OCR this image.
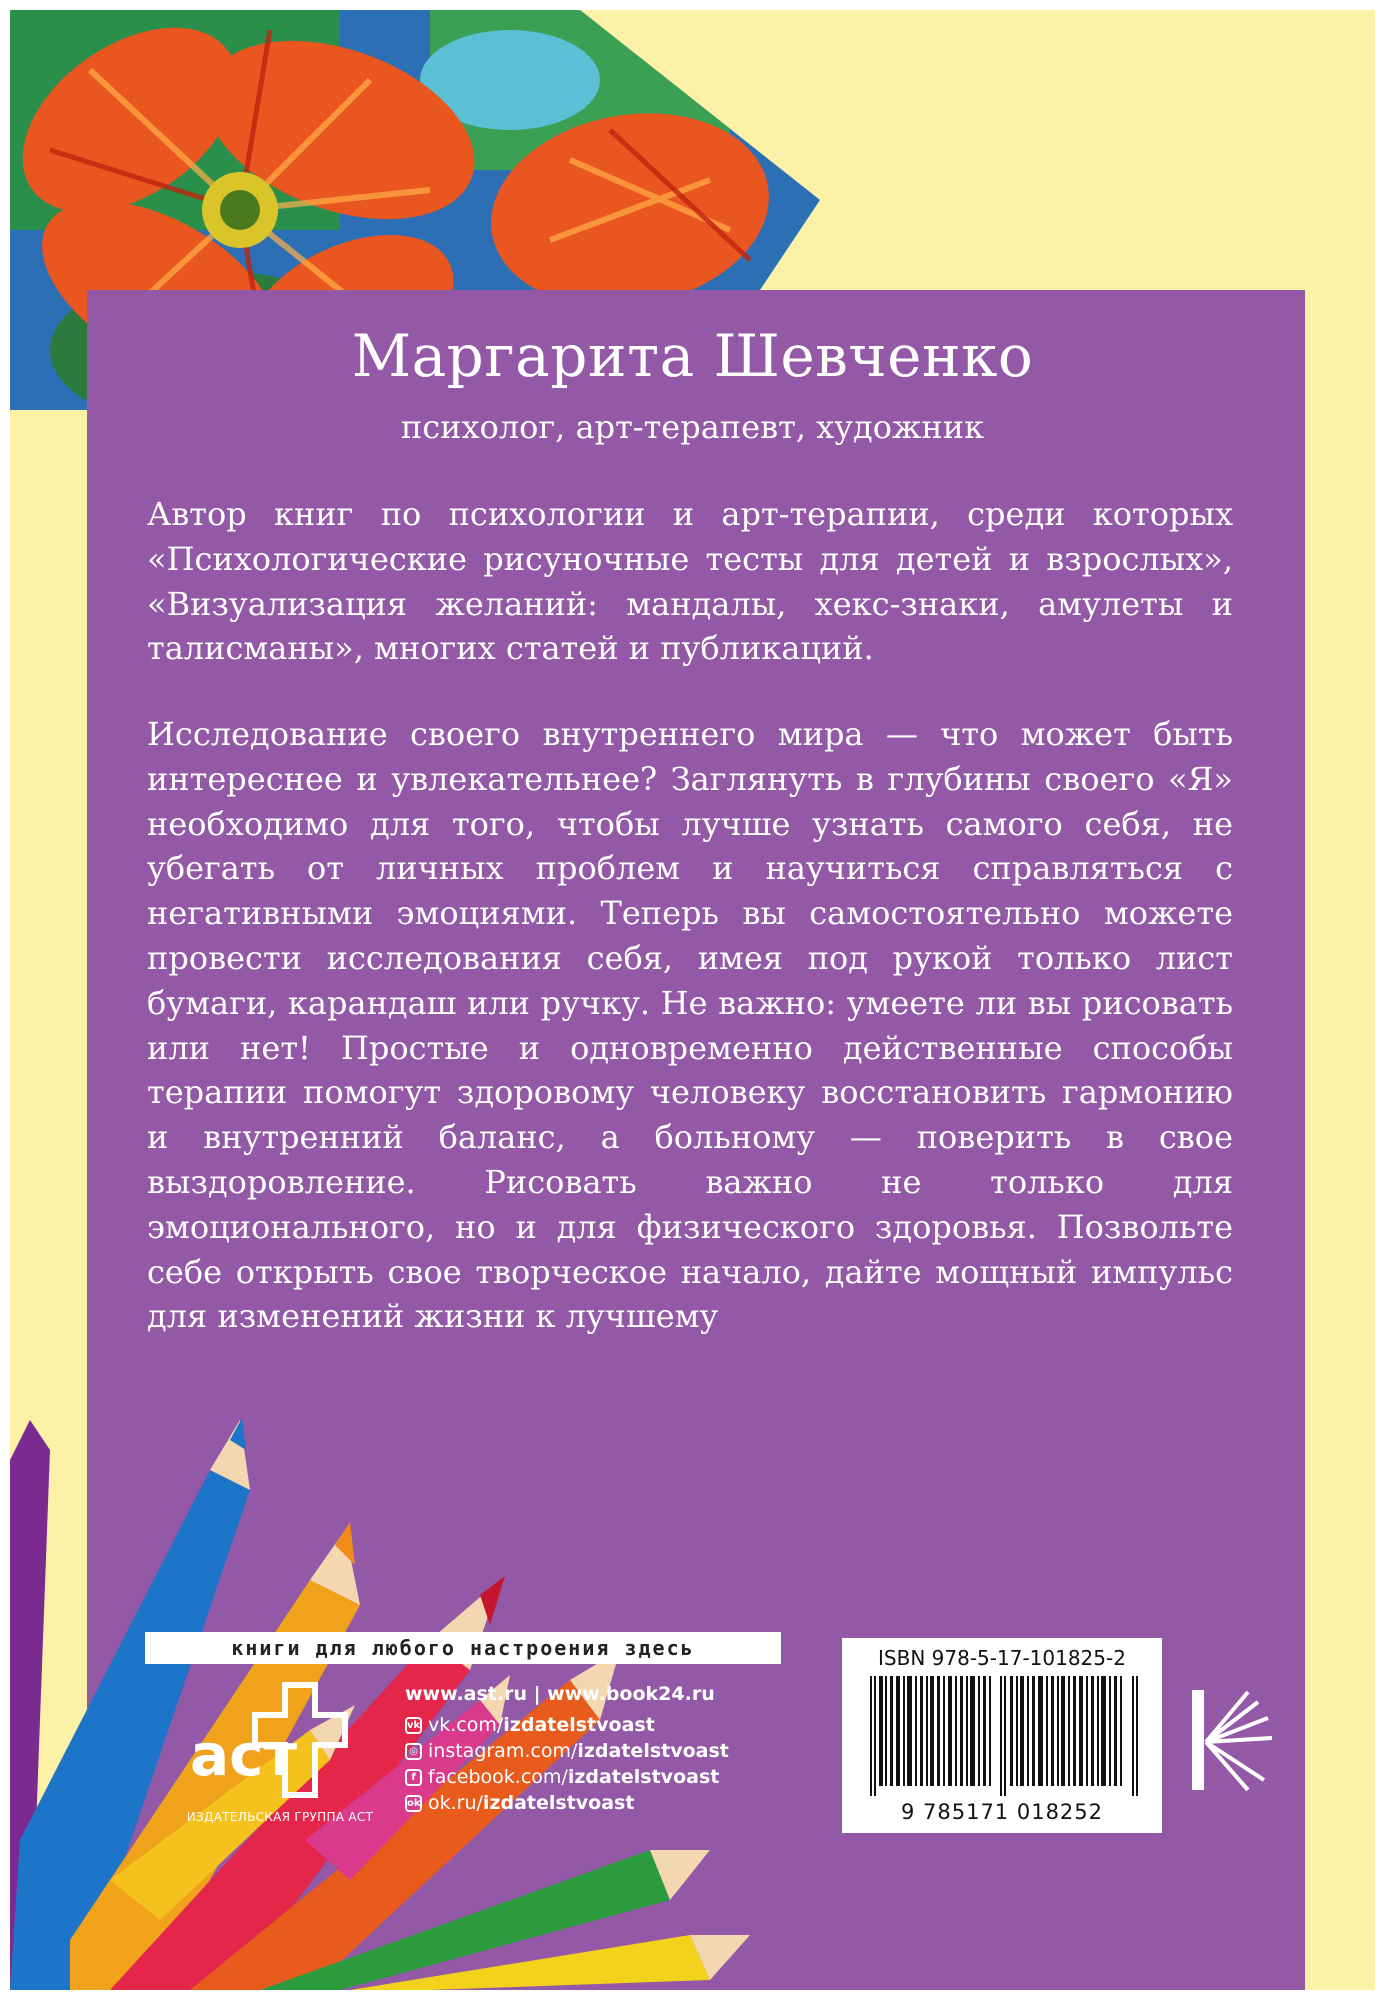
ISBN 978-5-17-101825-2
9 785171 018252
Маргарита Шевченко
психолог, арт-терапевт, художник
Автор книг по психологии и арт-терапии, среди которых «Психологические рисуночные тесты для детей и взрослых», «Визуализация желаний: мандалы, хекс-знаки, амулеты и талисманы», многих статей и публикаций.
Исследование своего внутреннего мира — что может быть интереснее и увлекательнее? Заглянуть в глубины своего «Я» необходимо для того, чтобы лучше узнать самого себя, не убегать от личных проблем и научиться справляться с негативными эмоциями. Теперь вы самостоятельно можете провести исследования себя, имея под рукой только лист бумаги, карандаш или ручку. Не важно: умеете ли вы рисовать или нет! Простые и одновременно действенные способы терапии помогут здоровому человеку восстановить гармонию и внутренний баланс, а больному — поверить в свое выздоровление. Рисовать важно не только для эмоционального, но и для физического здоровья. Позвольте себе открыть свое творческое начало, дайте мощный импульс для изменений жизни к лучшему
книги для любого настроения здесь
аст
ИЗДАТЕЛЬСКАЯ ГРУППА АСТ
www.ast.ru | www.book24.ru
vk vk.com/izdatelstvoast
◎ instagram.com/izdatelstvoast
f facebook.com/izdatelstvoast
ok ok.ru/izdatelstvoast
